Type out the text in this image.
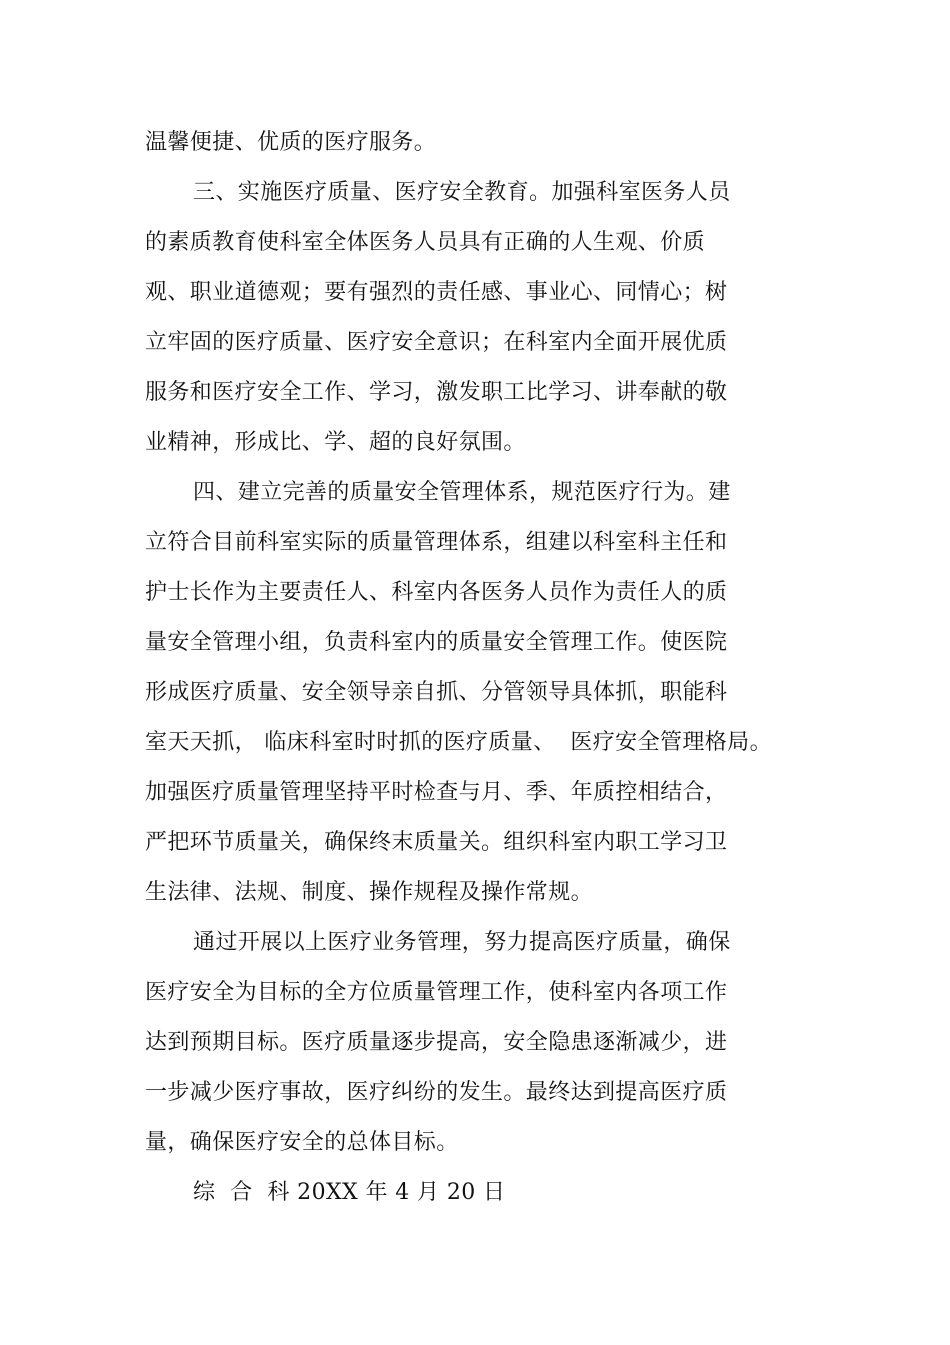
温馨便捷、优质的医疗服务。
三、实施医疗质量、医疗安全教育。加强科室医务人员
的素质教育使科室全体医务人员具有正确的人生观、价质
观、职业道德观；要有强烈的责任感、事业心、同情心；树
立牢固的医疗质量、医疗安全意识；在科室内全面开展优质
服务和医疗安全工作、学习，激发职工比学习、讲奉献的敬
业精神，形成比、学、超的良好氛围。
四、建立完善的质量安全管理体系，规范医疗行为。建
立符合目前科室实际的质量管理体系，组建以科室科主任和
护士长作为主要责任人、科室内各医务人员作为责任人的质
量安全管理小组，负责科室内的质量安全管理工作。使医院
形成医疗质量、安全领导亲自抓、分管领导具体抓，职能科
室天天抓， 临床科室时时抓的医疗质量、  医疗安全管理格局。
加强医疗质量管理坚持平时检查与月、季、年质控相结合，
严把环节质量关，确保终末质量关。组织科室内职工学习卫
生法律、法规、制度、操作规程及操作常规。
通过开展以上医疗业务管理，努力提高医疗质量，确保
医疗安全为目标的全方位质量管理工作，使科室内各项工作
达到预期目标。医疗质量逐步提高，安全隐患逐渐减少，进
一步减少医疗事故，医疗纠纷的发生。最终达到提高医疗质
量，确保医疗安全的总体目标。
综  合  科 20XX 年 4 月 20 日
